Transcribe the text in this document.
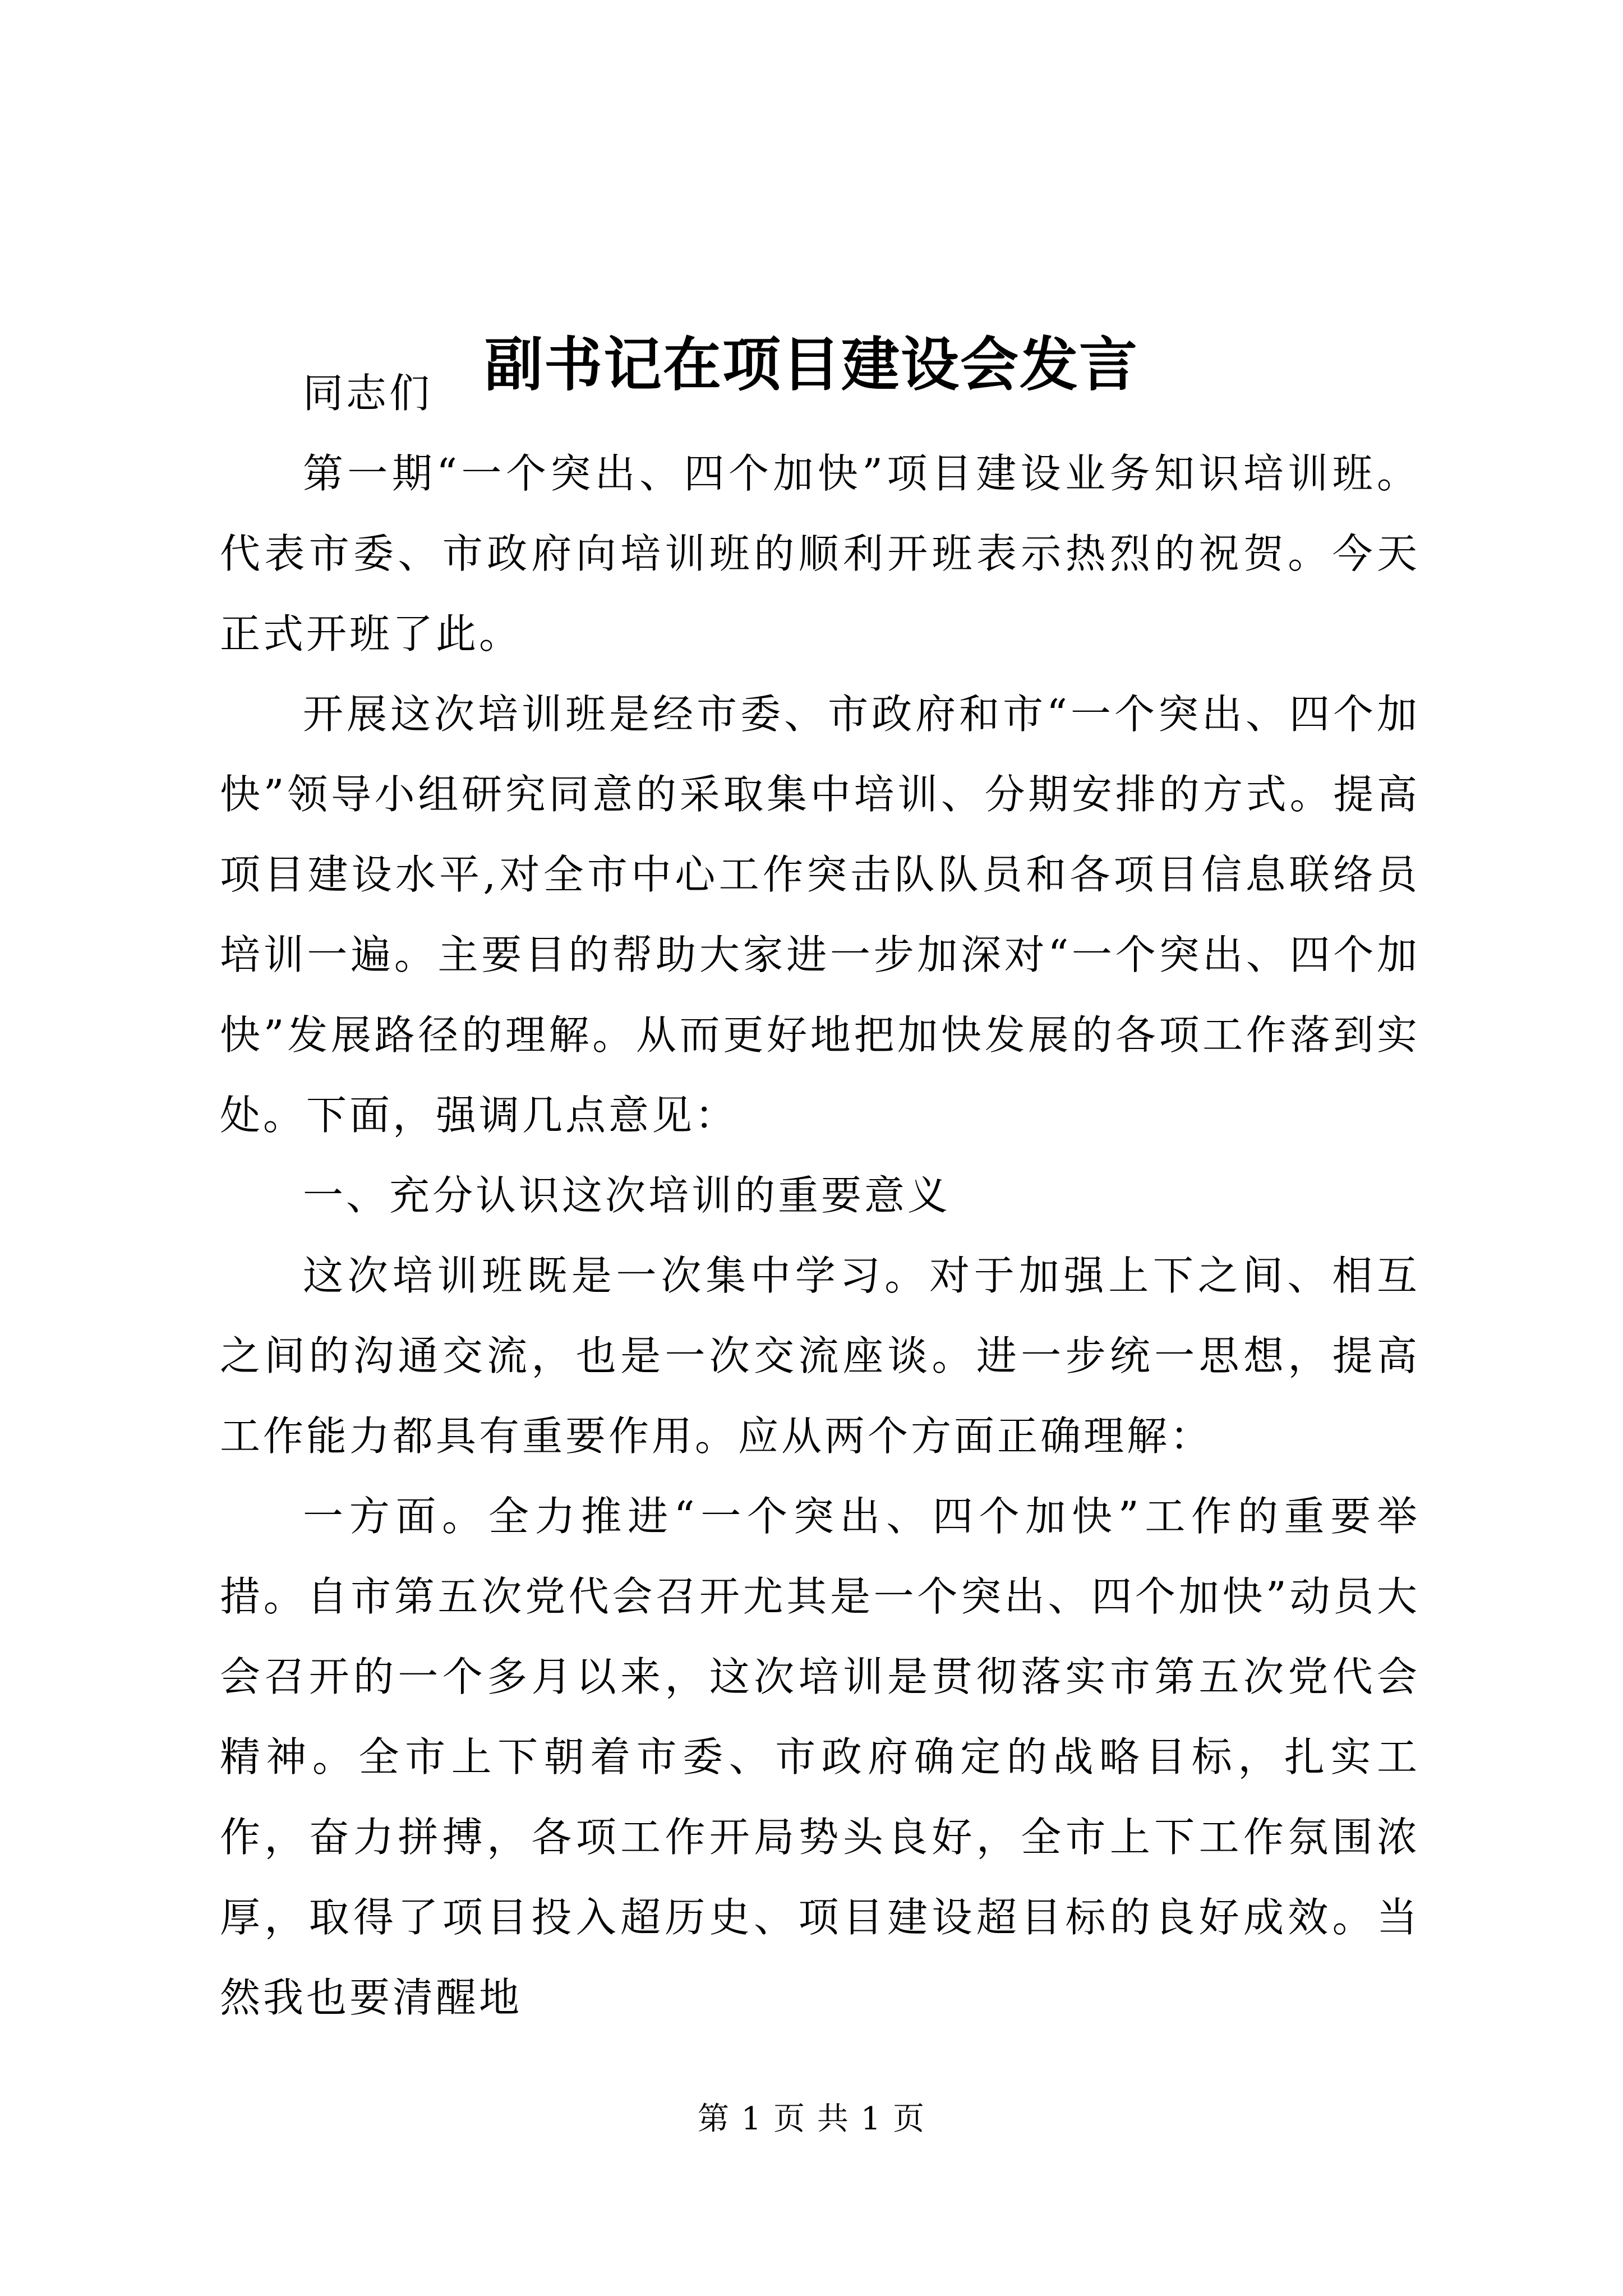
副书记在项目建设会发言

同志们

第一期“一个突出、四个加快”项目建设业务知识培训班。代表市委、市政府向培训班的顺利开班表示热烈的祝贺。今天正式开班了此。

开展这次培训班是经市委、市政府和市“一个突出、四个加快”领导小组研究同意的采取集中培训、分期安排的方式。提高项目建设水平,对全市中心工作突击队队员和各项目信息联络员培训一遍。主要目的帮助大家进一步加深对“一个突出、四个加快”发展路径的理解。从而更好地把加快发展的各项工作落到实处。下面，强调几点意见：

一、充分认识这次培训的重要意义

这次培训班既是一次集中学习。对于加强上下之间、相互之间的沟通交流，也是一次交流座谈。进一步统一思想，提高工作能力都具有重要作用。应从两个方面正确理解：

一方面。全力推进“一个突出、四个加快”工作的重要举措。自市第五次党代会召开尤其是一个突出、四个加快”动员大会召开的一个多月以来，这次培训是贯彻落实市第五次党代会精神。全市上下朝着市委、市政府确定的战略目标，扎实工作，奋力拼搏，各项工作开局势头良好，全市上下工作氛围浓厚，取得了项目投入超历史、项目建设超目标的良好成效。当然我也要清醒地

第 1 页 共 1 页
